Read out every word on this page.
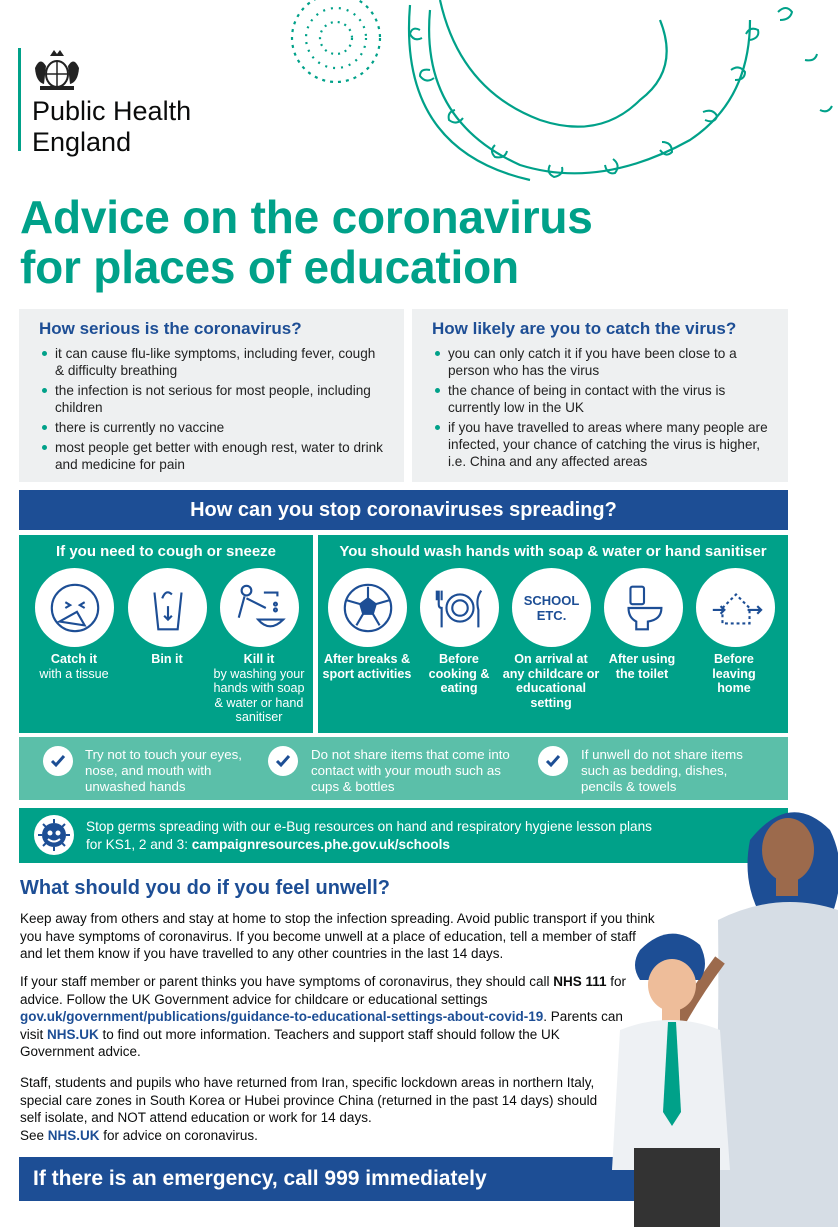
Public Health
England
Advice on the coronavirus
for places of education
How serious is the coronavirus?
it can cause flu-like symptoms, including fever, cough & difficulty breathing
the infection is not serious for most people, including children
there is currently no vaccine
most people get better with enough rest, water to drink and medicine for pain
How likely are you to catch the virus?
you can only catch it if you have been close to a person who has the virus
the chance of being in contact with the virus is currently low in the UK
if you have travelled to areas where many people are infected, your chance of catching the virus is higher, i.e. China and any affected areas
How can you stop coronaviruses spreading?
If you need to cough or sneeze	You should wash hands with soap & water or hand sanitiser
Catch it
with a tissue
Bin it	Kill it
by washing your hands with soap & water or hand sanitiser
SCHOOL ETC.
After breaks & sport activities
Before cooking & eating
On arrival at any childcare or educational setting
After using the toilet
Before leaving home
Try not to touch your eyes, nose, and mouth with unwashed hands
Do not share items that come into contact with your mouth such as cups & bottles
If unwell do not share items such as bedding, dishes, pencils & towels
Stop germs spreading with our e-Bug resources on hand and respiratory hygiene lesson plans
for KS1, 2 and 3: campaignresources.phe.gov.uk/schools
What should you do if you feel unwell?
Keep away from others and stay at home to stop the infection spreading. Avoid public transport if you think you have symptoms of coronavirus. If you become unwell at a place of education, tell a member of staff and let them know if you have travelled to any other countries in the last 14 days.
If your staff member or parent thinks you have symptoms of coronavirus, they should call NHS 111 for advice. Follow the UK Government advice for childcare or educational settings gov.uk/government/publications/guidance-to-educational-settings-about-covid-19. Parents can visit NHS.UK to find out more information. Teachers and support staff should follow the UK Government advice.
Staff, students and pupils who have returned from Iran, specific lockdown areas in northern Italy, special care zones in South Korea or Hubei province China (returned in the past 14 days) should self isolate, and NOT attend education or work for 14 days.
See NHS.UK for advice on coronavirus.
If there is an emergency, call 999 immediately
